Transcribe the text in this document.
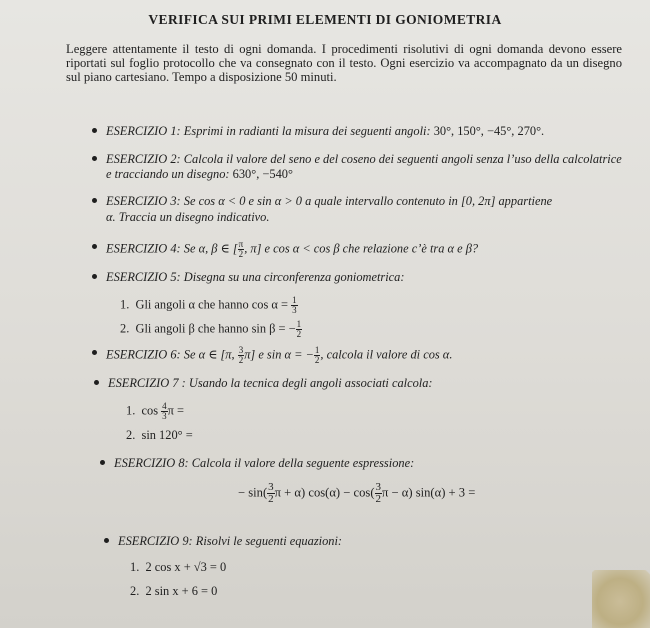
VERIFICA SUI PRIMI ELEMENTI DI GONIOMETRIA
Leggere attentamente il testo di ogni domanda. I procedimenti risolutivi di ogni domanda devono essere riportati sul foglio protocollo che va consegnato con il testo. Ogni esercizio va accompagnato da un disegno sul piano cartesiano. Tempo a disposizione 50 minuti.
ESERCIZIO 1: Esprimi in radianti la misura dei seguenti angoli: 30°, 150°, −45°, 270°.
ESERCIZIO 2: Calcola il valore del seno e del coseno dei seguenti angoli senza l’uso della calcolatrice e tracciando un disegno: 630°, −540°
ESERCIZIO 3: Se cos α < 0 e sin α > 0 a quale intervallo contenuto in [0, 2π] appartiene
α. Traccia un disegno indicativo.
ESERCIZIO 4: Se α, β ∈ [ $\frac{\pi}{2}$ , π] e cos α < cos β che relazione c’è tra α e β?
ESERCIZIO 5: Disegna su una circonferenza goniometrica:
1. Gli angoli α che hanno $\cos \alpha = \frac{1}{3}$
2. Gli angoli β che hanno sin β = − $\frac{1}{2}$
ESERCIZIO 6: Se α ∈ [π, $\frac{3}{2} \pi$] e sin α = − $\frac{1}{2}$ , calcola il valore di cos α.
ESERCIZIO 7 : Usando la tecnica degli angoli associati calcola:
1. $\cos \frac{4}{3}$ π =
2. sin 120° =
ESERCIZIO 8: Calcola il valore della seguente espressione:
− $\sin( \frac{3}{2}$ π + α) $\cos(\alpha) - \cos( \frac{3}{2}$ π − α) sin(α) + 3 =
ESERCIZIO 9: Risolvi le seguenti equazioni:
1. 2 cos x + √3 = 0
2. 2 sin x + 6 = 0
